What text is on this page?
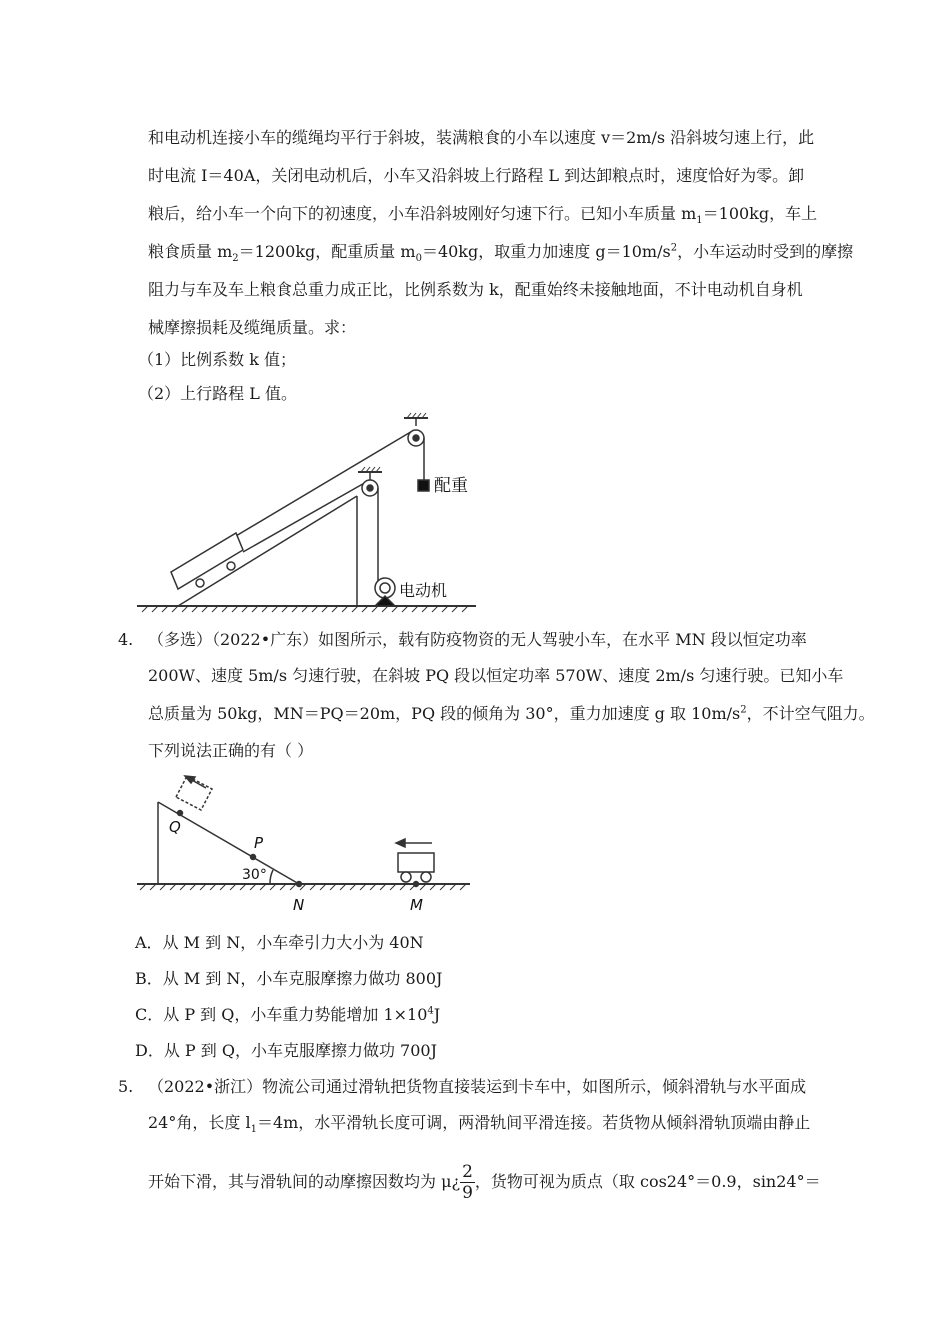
和电动机连接小车的缆绳均平行于斜坡，装满粮食的小车以速度 v＝2m/s 沿斜坡匀速上行，此
时电流 I＝40A，关闭电动机后，小车又沿斜坡上行路程 L 到达卸粮点时，速度恰好为零。卸
粮后，给小车一个向下的初速度，小车沿斜坡刚好匀速下行。已知小车质量 $m_1=100kg$，车上
粮食质量 $m_2=1200kg$，配重质量 $m_0=40kg$，取重力加速度 $g=10m/s^2$，小车运动时受到的摩擦
阻力与车及车上粮食总重力成正比，比例系数为 k，配重始终未接触地面，不计电动机自身机
械摩擦损耗及缆绳质量。求：
（1）比例系数 k 值；
（2）上行路程 L 值。
配重
电动机
4. （多选）（2022•广东）如图所示，载有防疫物资的无人驾驶小车，在水平 MN 段以恒定功率
200W、速度 5m/s 匀速行驶，在斜坡 PQ 段以恒定功率 570W、速度 2m/s 匀速行驶。已知小车
总质量为 50kg，MN＝PQ＝20m，PQ 段的倾角为 30°，重力加速度 g 取 $10m/s^2$，不计空气阻力。
下列说法正确的有（ ）
Q
P
N	M
30°
A．从 M 到 N，小车牵引力大小为 40N
B．从 M 到 N，小车克服摩擦力做功 800J
C．从 P 到 Q，小车重力势能增加 $1\times 10^4J$
D．从 P 到 Q，小车克服摩擦力做功 700J
5. （2022•浙江）物流公司通过滑轨把货物直接装运到卡车中，如图所示，倾斜滑轨与水平面成
24°角，长度 $l_1=4m$，水平滑轨长度可调，两滑轨间平滑连接。若货物从倾斜滑轨顶端由静止
开始下滑，其与滑轨间的动摩擦因数均为 μ¿ $\frac{2}{9}$ ，货物可视为质点（取 cos24°＝0.9，sin24°＝
